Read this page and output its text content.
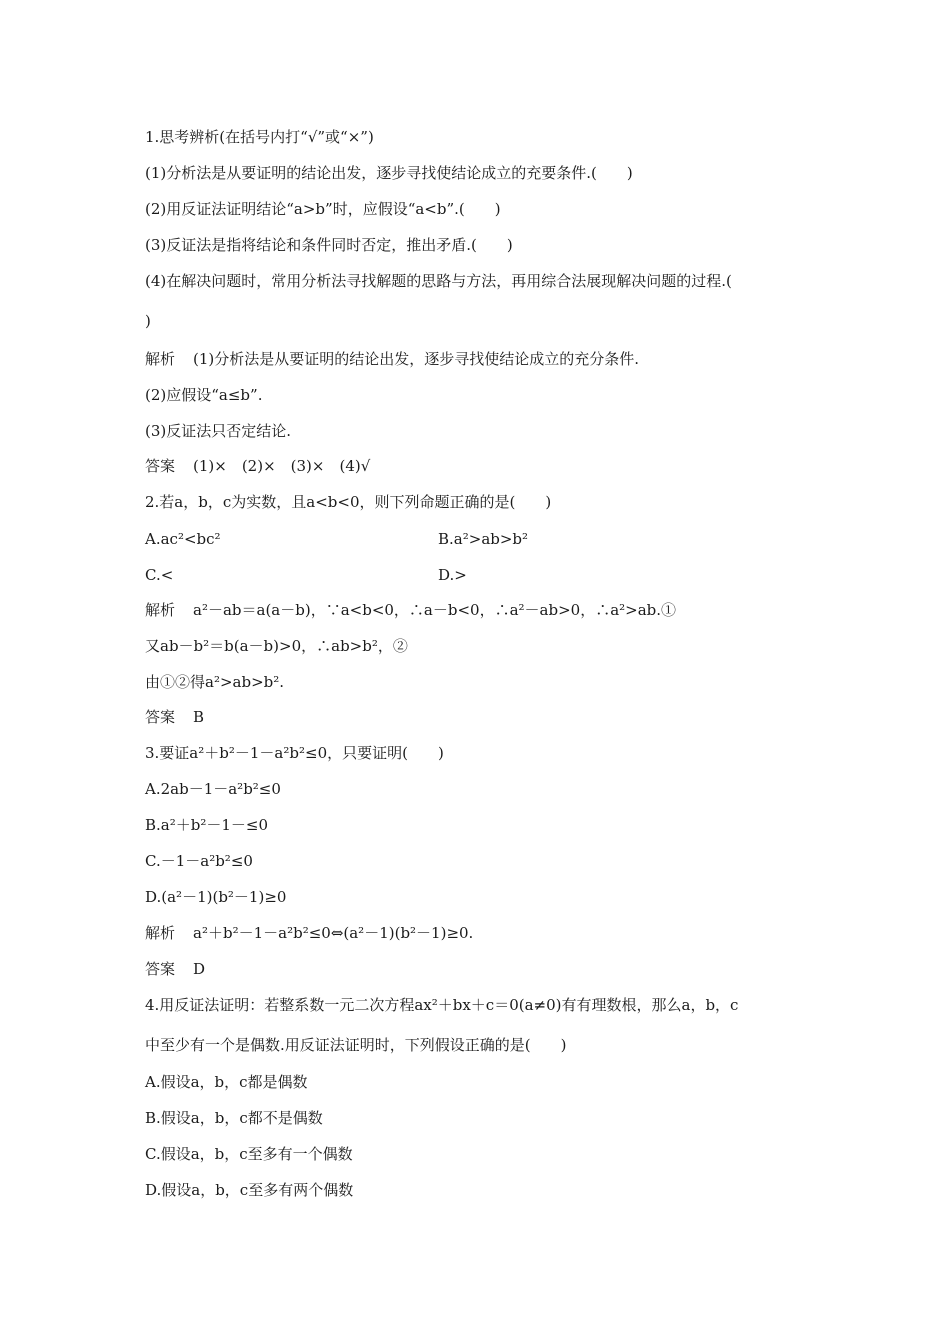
1.思考辨析(在括号内打“√”或“×”)
(1)分析法是从要证明的结论出发，逐步寻找使结论成立的充要条件.(　　)
(2)用反证法证明结论“a>b”时，应假设“a<b”.(　　)
(3)反证法是指将结论和条件同时否定，推出矛盾.(　　)
(4)在解决问题时，常用分析法寻找解题的思路与方法，再用综合法展现解决问题的过程.(
)
解析 (1)分析法是从要证明的结论出发，逐步寻找使结论成立的充分条件.
(2)应假设“a≤b”.
(3)反证法只否定结论.
答案 (1)×　(2)×　(3)×　(4)√
2.若a，b，c为实数，且a<b<0，则下列命题正确的是(　　)
A.ac²<bc²	B.a²>ab>b²
C.<	D.>
解析 a²－ab＝a(a－b)，∵a<b<0，∴a－b<0，∴a²－ab>0，∴a²>ab.①
又ab－b²＝b(a－b)>0，∴ab>b²，②
由①②得a²>ab>b².
答案 B
3.要证a²＋b²－1－a²b²≤0，只要证明(　　)
A.2ab－1－a²b²≤0
B.a²＋b²－1－≤0
C.－1－a²b²≤0
D.(a²－1)(b²－1)≥0
解析 a²＋b²－1－a²b²≤0⇔(a²－1)(b²－1)≥0.
答案 D
4.用反证法证明：若整系数一元二次方程ax²＋bx＋c＝0(a≠0)有有理数根，那么a，b，c
中至少有一个是偶数.用反证法证明时，下列假设正确的是(　　)
A.假设a，b，c都是偶数
B.假设a，b，c都不是偶数
C.假设a，b，c至多有一个偶数
D.假设a，b，c至多有两个偶数
